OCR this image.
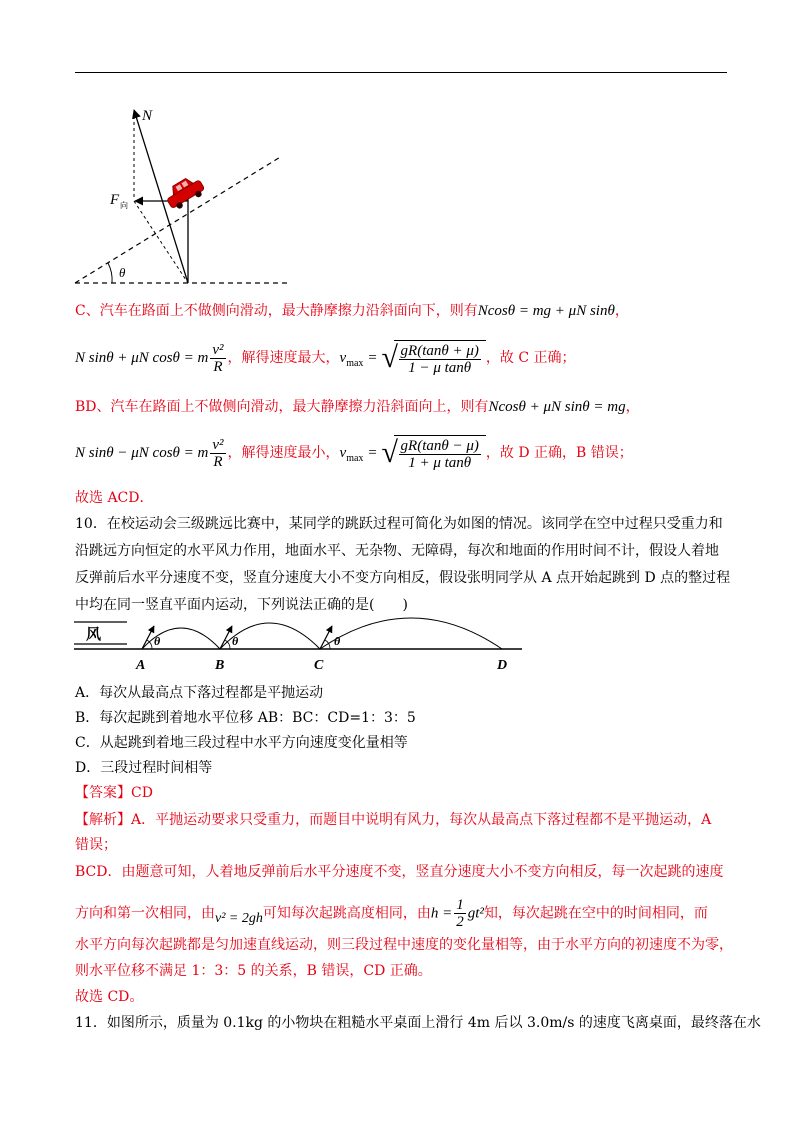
N
F 向
θ
C、汽车在路面上不做侧向滑动，最大静摩擦力沿斜面向下，则有Ncosθ = mg + μN sinθ，
N sinθ + μN cosθ = m $\frac{\text{v²}}{R}$ ，解得速度最大，$v_{max}$ = √ $\frac{gR(\tan\theta + \mu)}{\text{1 − μ tanθ}}$ ，故 C 正确；
BD、汽车在路面上不做侧向滑动，最大静摩擦力沿斜面向上，则有Ncosθ + μN sinθ = mg，
N sinθ − μN cosθ = m $\frac{\text{v²}}{R}$ ，解得速度最小，$v_{max}$ = √ $\frac{gR(\tan\theta - \mu)}{\text{1 + μ tanθ}}$ ，故 D 正确，B 错误；
故选 ACD．
10．在校运动会三级跳远比赛中，某同学的跳跃过程可简化为如图的情况。该同学在空中过程只受重力和
沿跳远方向恒定的水平风力作用，地面水平、无杂物、无障碍，每次和地面的作用时间不计，假设人着地
反弹前后水平分速度不变，竖直分速度大小不变方向相反，假设张明同学从 A 点开始起跳到 D 点的整过程
中均在同一竖直平面内运动，下列说法正确的是(　　)
风	θ	θ	θ
A	B	C	D
A．每次从最高点下落过程都是平抛运动
B．每次起跳到着地水平位移 AB：BC：CD=1：3：5
C．从起跳到着地三段过程中水平方向速度变化量相等
D．三段过程时间相等
【答案】CD
【解析】A．平抛运动要求只受重力，而题目中说明有风力，每次从最高点下落过程都不是平抛运动，A
错误；
BCD．由题意可知，人着地反弹前后水平分速度不变，竖直分速度大小不变方向相反，每一次起跳的速度
方向和第一次相同，由v² = 2gh可知每次起跳高度相同，由$h = \frac{1}{2} gt^2$知，每次起跳在空中的时间相同，而
水平方向每次起跳都是匀加速直线运动，则三段过程中速度的变化量相等，由于水平方向的初速度不为零，
则水平位移不满足 1：3：5 的关系，B 错误，CD 正确。
故选 CD。
11．如图所示，质量为 0.1kg 的小物块在粗糙水平桌面上滑行 4m 后以 3.0m/s 的速度飞离桌面，最终落在水
